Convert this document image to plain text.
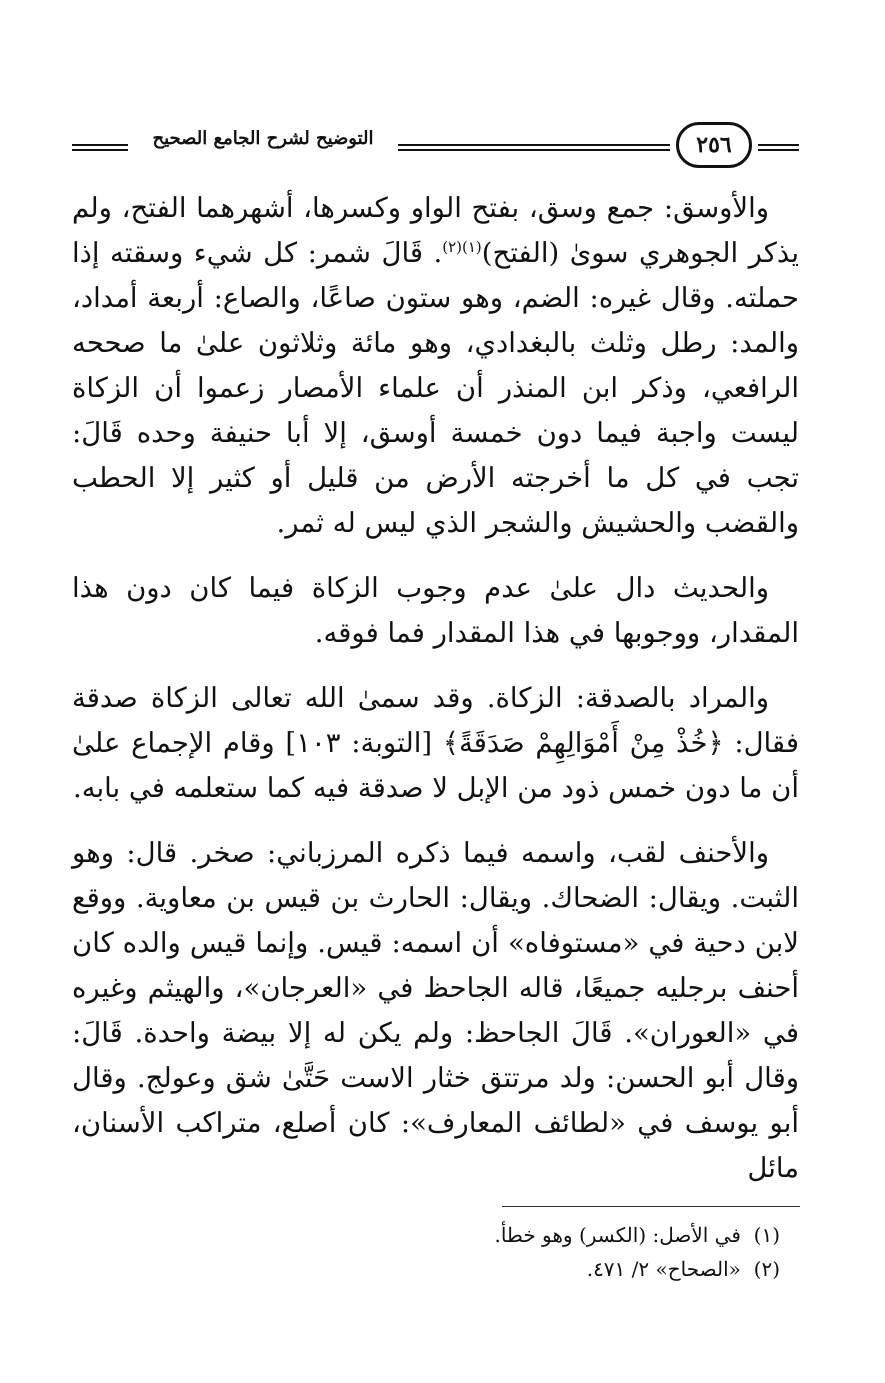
التوضيح لشرح الجامع الصحيح	٢٥٦

والأوسق: جمع وسق، بفتح الواو وكسرها، أشهرهما الفتح، ولم يذكر الجوهري سوىٰ (الفتح)$^{(١)(٢)}$. قَالَ شمر: كل شيء وسقته إذا حملته. وقال غيره: الضم، وهو ستون صاعًا، والصاع: أربعة أمداد، والمد: رطل وثلث بالبغدادي، وهو مائة وثلاثون علىٰ ما صححه الرافعي، وذكر ابن المنذر أن علماء الأمصار زعموا أن الزكاة ليست واجبة فيما دون خمسة أوسق، إلا أبا حنيفة وحده قَالَ: تجب في كل ما أخرجته الأرض من قليل أو كثير إلا الحطب والقضب والحشيش والشجر الذي ليس له ثمر.

والحديث دال علىٰ عدم وجوب الزكاة فيما كان دون هذا المقدار، ووجوبها في هذا المقدار فما فوقه.

والمراد بالصدقة: الزكاة. وقد سمىٰ الله تعالى الزكاة صدقة فقال: ﴿خُذْ مِنْ أَمْوَالِهِمْ صَدَقَةً﴾ [التوبة: ١٠٣] وقام الإجماع علىٰ أن ما دون خمس ذود من الإبل لا صدقة فيه كما ستعلمه في بابه.

والأحنف لقب، واسمه فيما ذكره المرزباني: صخر. قال: وهو الثبت. ويقال: الضحاك. ويقال: الحارث بن قيس بن معاوية. ووقع لابن دحية في «مستوفاه» أن اسمه: قيس. وإنما قيس والده كان أحنف برجليه جميعًا، قاله الجاحظ في «العرجان»، والهيثم وغيره في «العوران». قَالَ الجاحظ: ولم يكن له إلا بيضة واحدة. قَالَ: وقال أبو الحسن: ولد مرتتق خثار الاست حَتَّىٰ شق وعولج. وقال أبو يوسف في «لطائف المعارف»: كان أصلع، متراكب الأسنان، مائل

(١)  في الأصل: (الكسر) وهو خطأ.
(٢)  «الصحاح» ٢/ ٤٧١.
